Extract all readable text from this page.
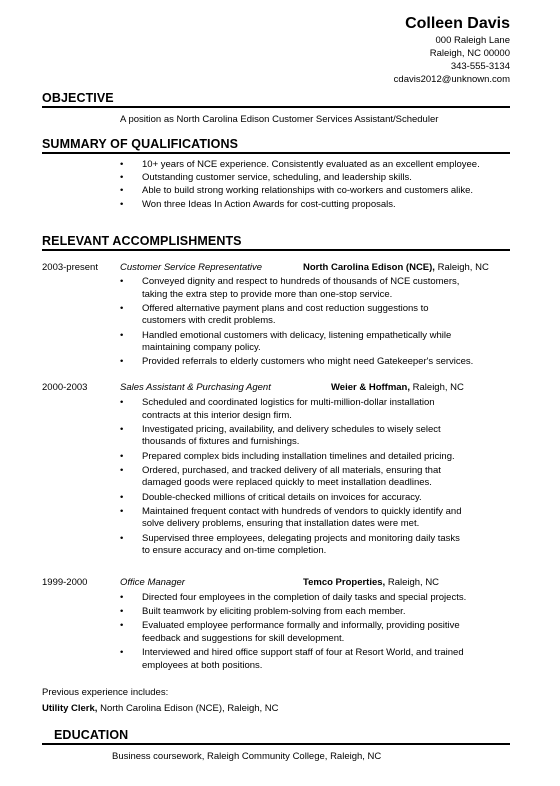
Colleen Davis
000 Raleigh Lane
Raleigh, NC 00000
343-555-3134
cdavis2012@unknown.com
OBJECTIVE
A position as North Carolina Edison Customer Services Assistant/Scheduler
SUMMARY OF QUALIFICATIONS
• 10+ years of NCE experience. Consistently evaluated as an excellent employee.
• Outstanding customer service, scheduling, and leadership skills.
• Able to build strong working relationships with co-workers and customers alike.
• Won three Ideas In Action Awards for cost-cutting proposals.
RELEVANT ACCOMPLISHMENTS
2003-present Customer Service Representative	North Carolina Edison (NCE), Raleigh, NC
• Conveyed dignity and respect to hundreds of thousands of NCE customers,
taking the extra step to provide more than one-stop service.
• Offered alternative payment plans and cost reduction suggestions to
customers with credit problems.
• Handled emotional customers with delicacy, listening empathetically while
maintaining company policy.
• Provided referrals to elderly customers who might need Gatekeeper's services.
2000-2003	Sales Assistant & Purchasing Agent	Weier & Hoffman, Raleigh, NC
• Scheduled and coordinated logistics for multi-million-dollar installation
contracts at this interior design firm.
• Investigated pricing, availability, and delivery schedules to wisely select
thousands of fixtures and furnishings.
• Prepared complex bids including installation timelines and detailed pricing.
• Ordered, purchased, and tracked delivery of all materials, ensuring that
damaged goods were replaced quickly to meet installation deadlines.
• Double-checked millions of critical details on invoices for accuracy.
• Maintained frequent contact with hundreds of vendors to quickly identify and
solve delivery problems, ensuring that installation dates were met.
• Supervised three employees, delegating projects and monitoring daily tasks
to ensure accuracy and on-time completion.
1999-2000	Office Manager	Temco Properties, Raleigh, NC
• Directed four employees in the completion of daily tasks and special projects.
• Built teamwork by eliciting problem-solving from each member.
• Evaluated employee performance formally and informally, providing positive
feedback and suggestions for skill development.
• Interviewed and hired office support staff of four at Resort World, and trained
employees at both positions.
Previous experience includes:
Utility Clerk, North Carolina Edison (NCE), Raleigh, NC
EDUCATION
Business coursework, Raleigh Community College, Raleigh, NC
